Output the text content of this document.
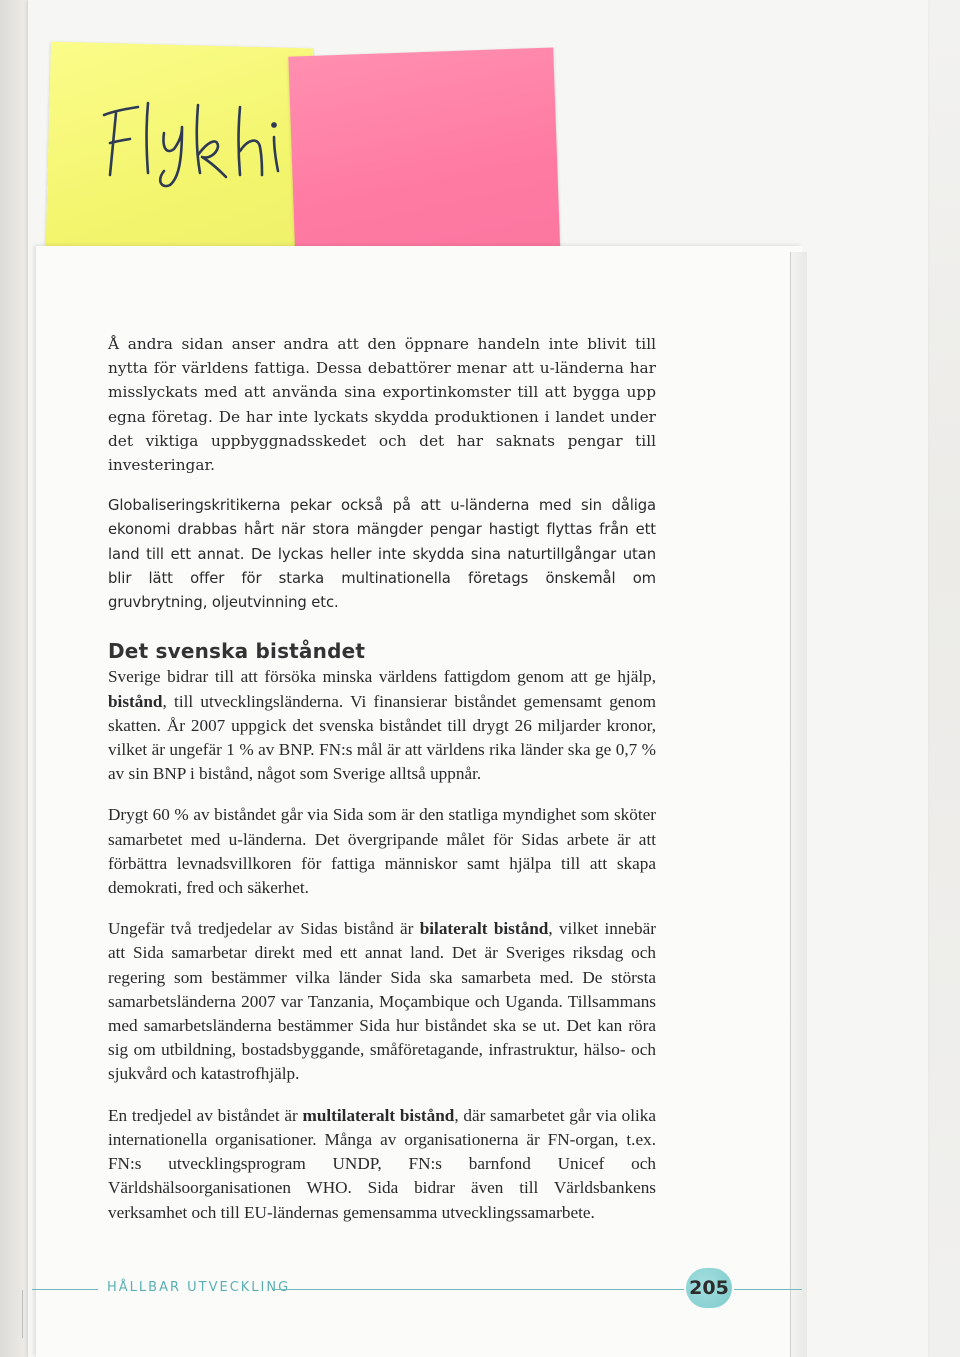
Å andra sidan anser andra att den öppnare handeln inte blivit till nytta för världens fattiga. Dessa debattörer menar att u-länderna har misslyckats med att använda sina exportinkomster till att bygga upp egna företag. De har inte lyckats skydda produktionen i landet under det viktiga uppbyggnadsskedet och det har saknats pengar till investeringar.

Globaliseringskritikerna pekar också på att u-länderna med sin dåliga ekonomi drabbas hårt när stora mängder pengar hastigt flyttas från ett land till ett annat. De lyckas heller inte skydda sina naturtillgångar utan blir lätt offer för starka multinationella företags önskemål om gruvbrytning, oljeutvinning etc.

Det svenska biståndet

Sverige bidrar till att försöka minska världens fattigdom genom att ge hjälp, bistånd, till utvecklingsländerna. Vi finansierar biståndet gemensamt genom skatten. År 2007 uppgick det svenska biståndet till drygt 26 miljarder kronor, vilket är ungefär 1 % av BNP. FN:s mål är att världens rika länder ska ge 0,7 % av sin BNP i bistånd, något som Sverige alltså uppnår.

Drygt 60 % av biståndet går via Sida som är den statliga myndighet som sköter samarbetet med u-länderna. Det övergripande målet för Sidas arbete är att förbättra levnadsvillkoren för fattiga människor samt hjälpa till att skapa demokrati, fred och säkerhet.

Ungefär två tredjedelar av Sidas bistånd är bilateralt bistånd, vilket innebär att Sida samarbetar direkt med ett annat land. Det är Sveriges riksdag och regering som bestämmer vilka länder Sida ska samarbeta med. De största samarbetsländerna 2007 var Tanzania, Moçambique och Uganda. Tillsammans med samarbetsländerna bestämmer Sida hur biståndet ska se ut. Det kan röra sig om utbildning, bostadsbyggande, småföretagande, infrastruktur, hälso- och sjukvård och katastrofhjälp.

En tredjedel av biståndet är multilateralt bistånd, där samarbetet går via olika internationella organisationer. Många av organisationerna är FN-organ, t.ex. FN:s utvecklingsprogram UNDP, FN:s barnfond Unicef och Världshälsoorganisationen WHO. Sida bidrar även till Världsbankens verksamhet och till EU-ländernas gemensamma utvecklingssamarbete.

HÅLLBAR UTVECKLING	205
